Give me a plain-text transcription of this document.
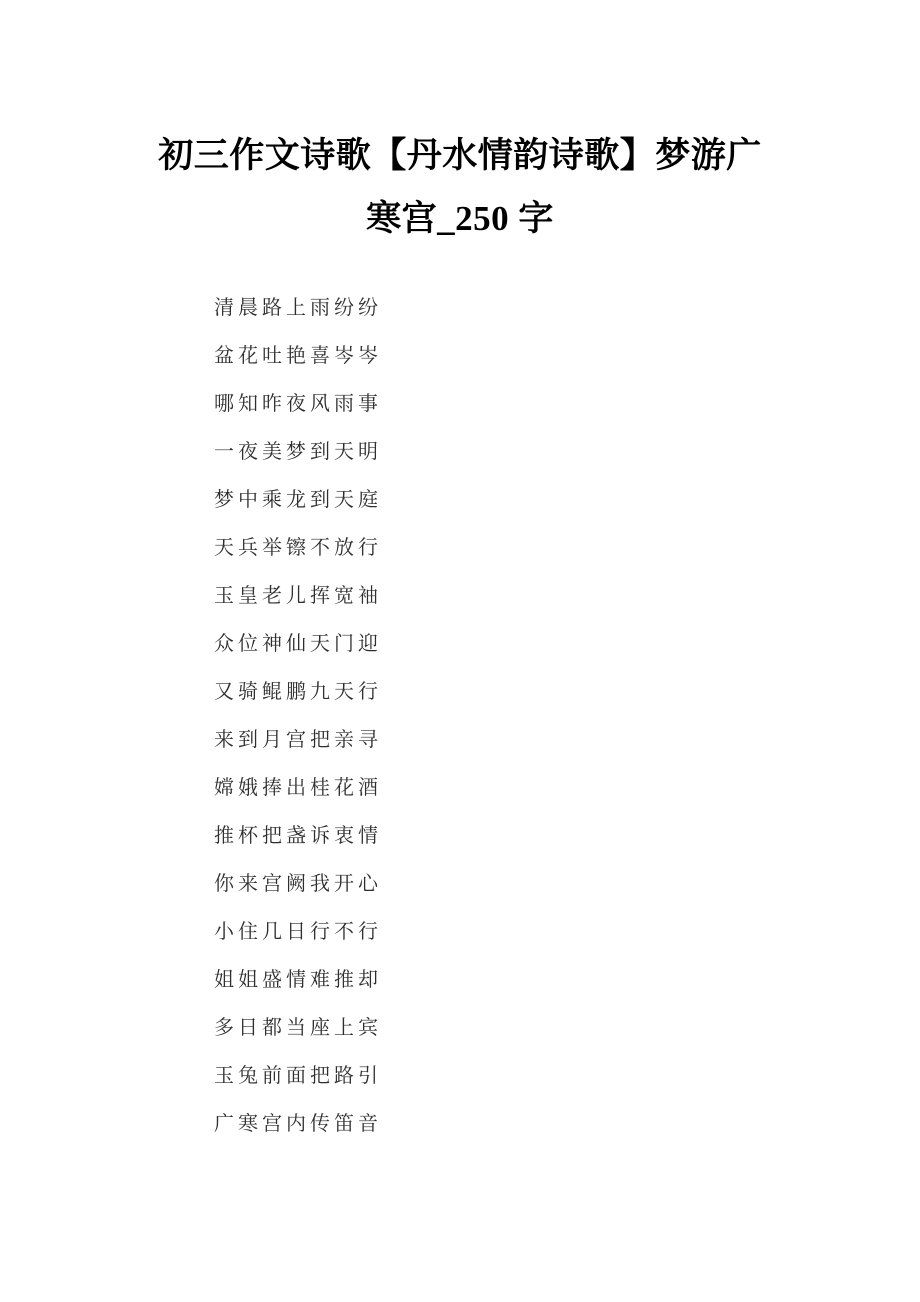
初三作文诗歌【丹水情韵诗歌】梦游广
寒宫_250 字

清晨路上雨纷纷

盆花吐艳喜岑岑

哪知昨夜风雨事

一夜美梦到天明

梦中乘龙到天庭

天兵举镲不放行

玉皇老儿挥宽袖

众位神仙天门迎

又骑鲲鹏九天行

来到月宫把亲寻

嫦娥捧出桂花酒

推杯把盏诉衷情

你来宫阙我开心

小住几日行不行

姐姐盛情难推却

多日都当座上宾

玉兔前面把路引

广寒宫内传笛音
